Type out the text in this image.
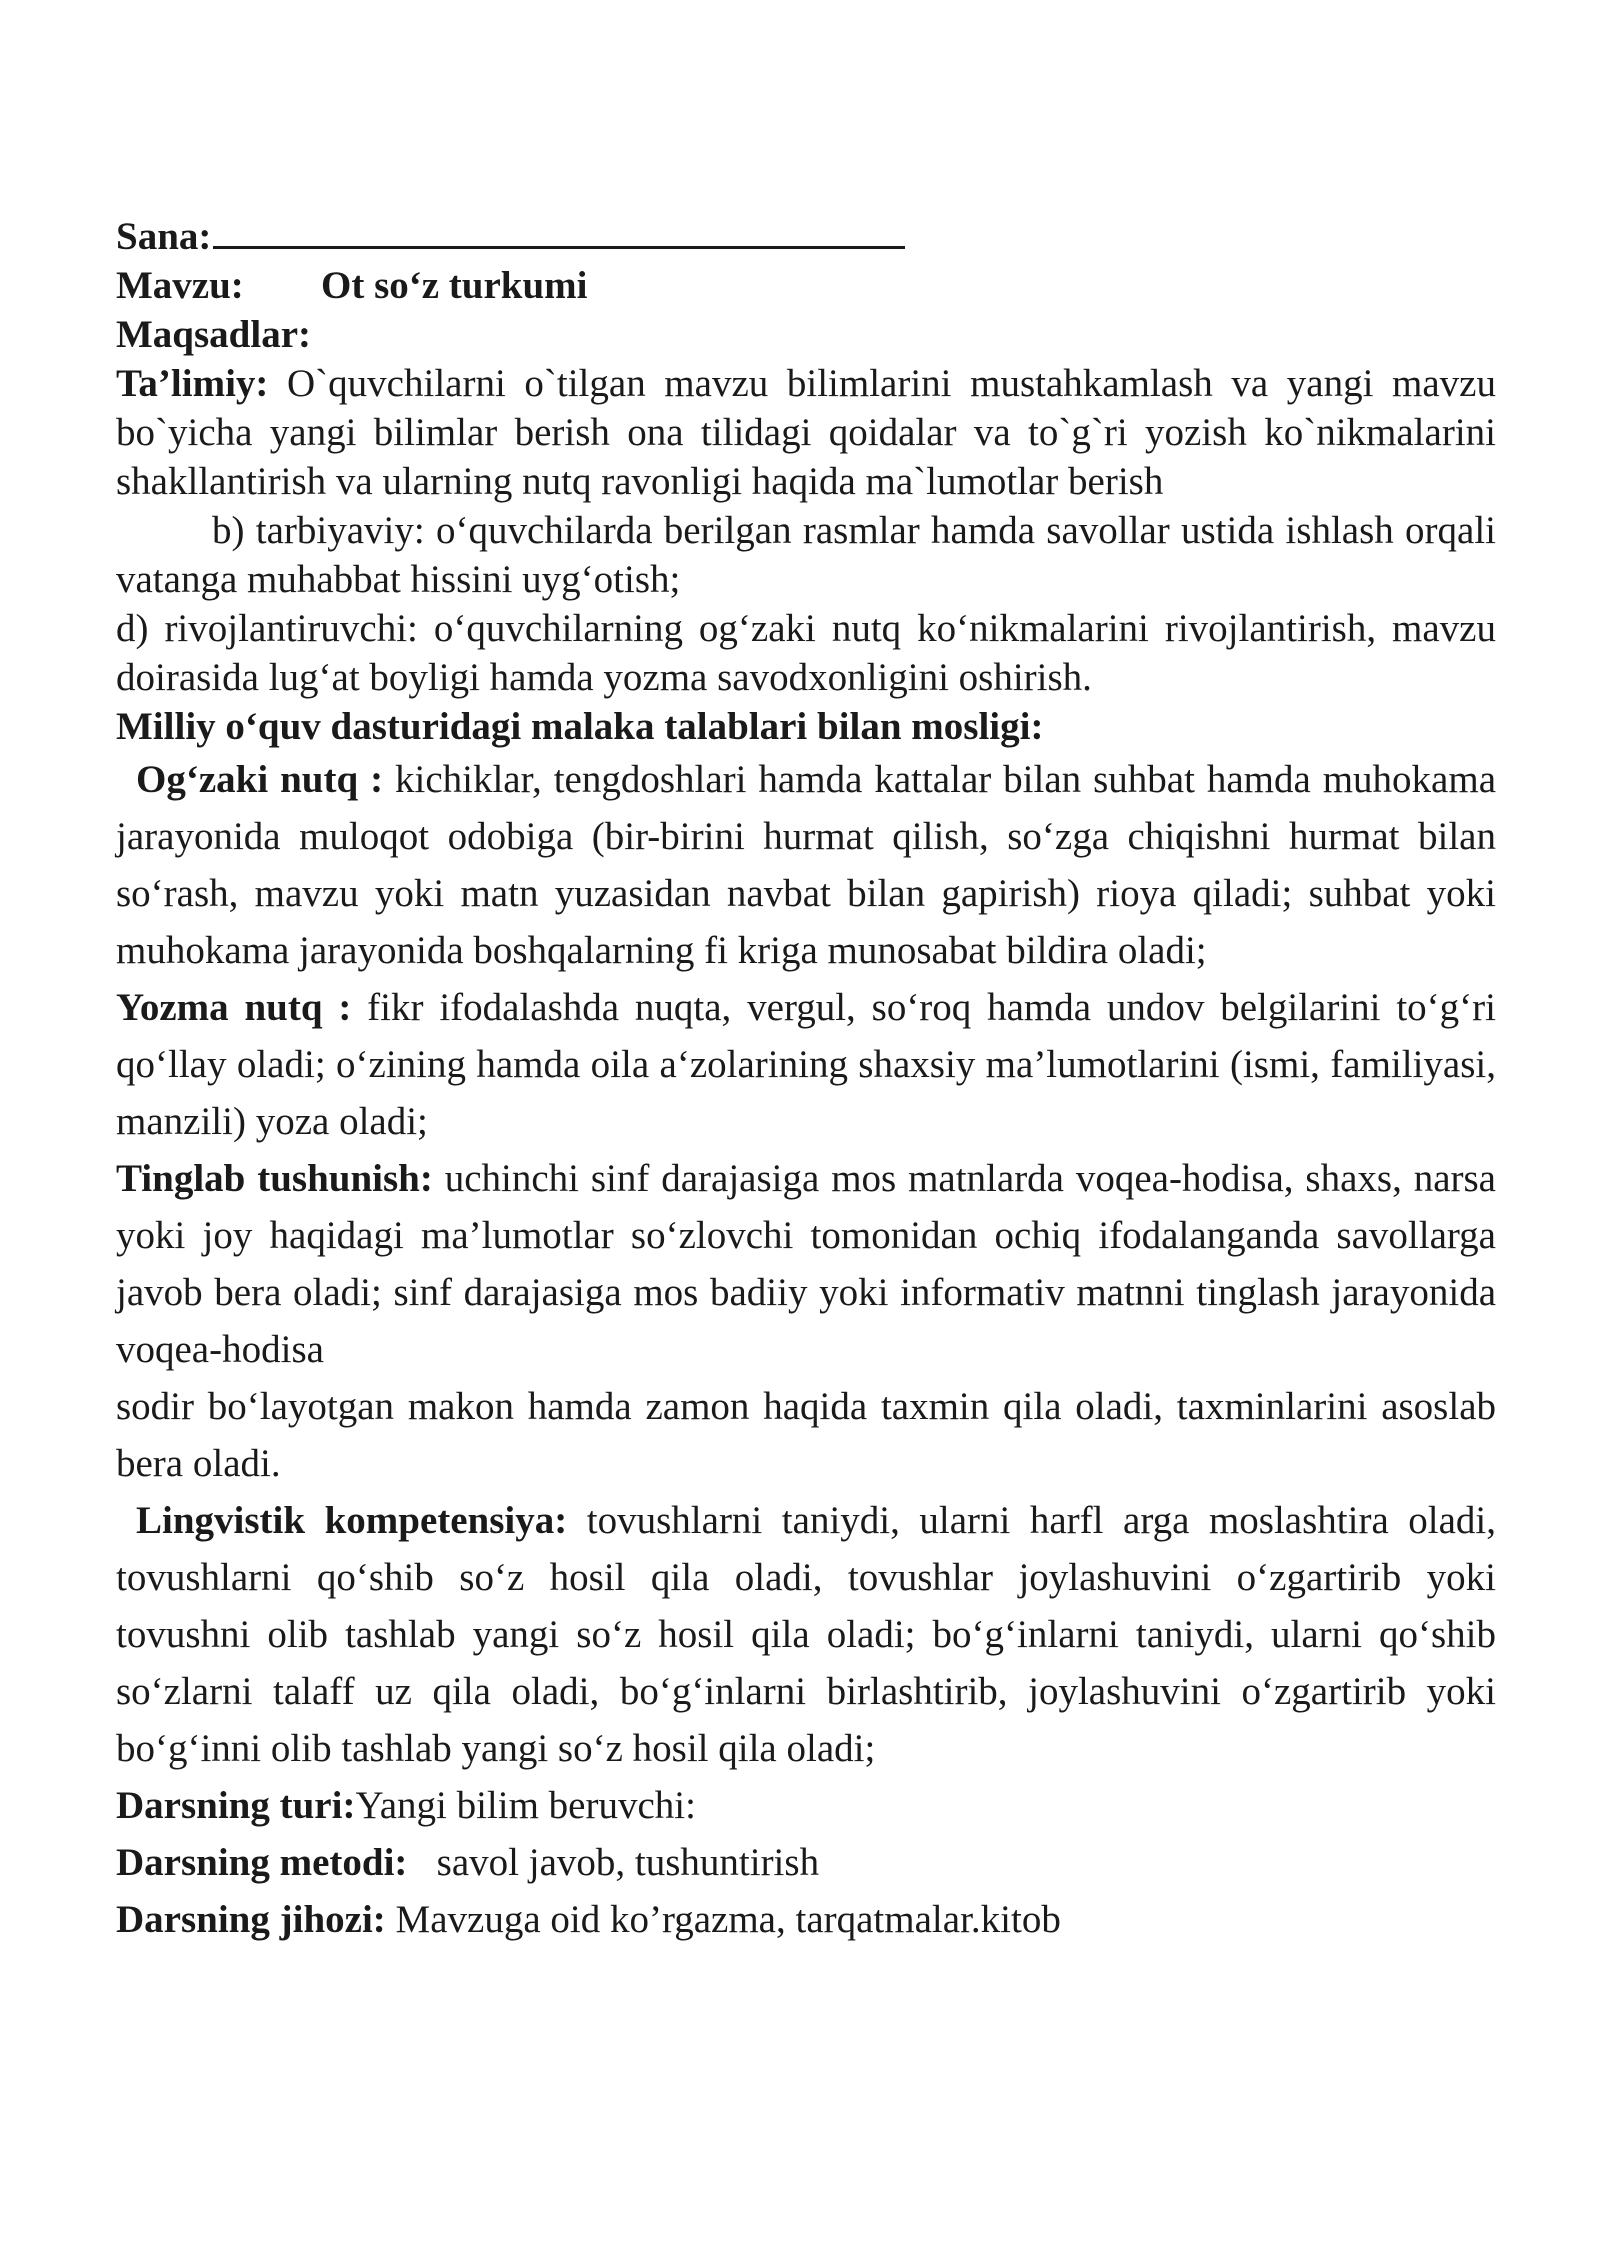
Sana:
Mavzu: Ot so‘z turkumi
Maqsadlar:

Ta’limiy: O`quvchilarni o`tilgan mavzu bilimlarini mustahkamlash va yangi mavzu bo`yicha yangi bilimlar berish ona tilidagi qoidalar va to`g`ri yozish ko`nikmalarini shakllantirish va ularning nutq ravonligi haqida ma`lumotlar berish

b) tarbiyaviy: o‘quvchilarda berilgan rasmlar hamda savollar ustida ishlash orqali vatanga muhabbat hissini uyg‘otish;

d) rivojlantiruvchi: o‘quvchilarning og‘zaki nutq ko‘nikmalarini rivojlantirish, mavzu doirasida lug‘at boyligi hamda yozma savodxonligini oshirish.

Milliy o‘quv dasturidagi malaka talablari bilan mosligi:

Og‘zaki nutq : kichiklar, tengdoshlari hamda kattalar bilan suhbat hamda muhokama jarayonida muloqot odobiga (bir-birini hurmat qilish, so‘zga chiqishni hurmat bilan so‘rash, mavzu yoki matn yuzasidan navbat bilan gapirish) rioya qiladi; suhbat yoki muhokama jarayonida boshqalarning fi kriga munosabat bildira oladi;

Yozma nutq : fikr ifodalashda nuqta, vergul, so‘roq hamda undov belgilarini to‘g‘ri qo‘llay oladi; o‘zining hamda oila a‘zolarining shaxsiy ma’lumotlarini (ismi, familiyasi, manzili) yoza oladi;

Tinglab tushunish: uchinchi sinf darajasiga mos matnlarda voqea-hodisa, shaxs, narsa yoki joy haqidagi ma’lumotlar so‘zlovchi tomonidan ochiq ifodalanganda savollarga javob bera oladi; sinf darajasiga mos badiiy yoki informativ matnni tinglash jarayonida voqea-hodisa

sodir bo‘layotgan makon hamda zamon haqida taxmin qila oladi, taxminlarini asoslab bera oladi.

Lingvistik kompetensiya: tovushlarni taniydi, ularni harfl arga moslashtira oladi, tovushlarni qo‘shib so‘z hosil qila oladi, tovushlar joylashuvini o‘zgartirib yoki tovushni olib tashlab yangi so‘z hosil qila oladi; bo‘g‘inlarni taniydi, ularni qo‘shib so‘zlarni talaff uz qila oladi, bo‘g‘inlarni birlashtirib, joylashuvini o‘zgartirib yoki bo‘g‘inni olib tashlab yangi so‘z hosil qila oladi;

Darsning turi:Yangi bilim beruvchi:
Darsning metodi:   savol javob, tushuntirish
Darsning jihozi: Mavzuga oid ko’rgazma, tarqatmalar.kitob
